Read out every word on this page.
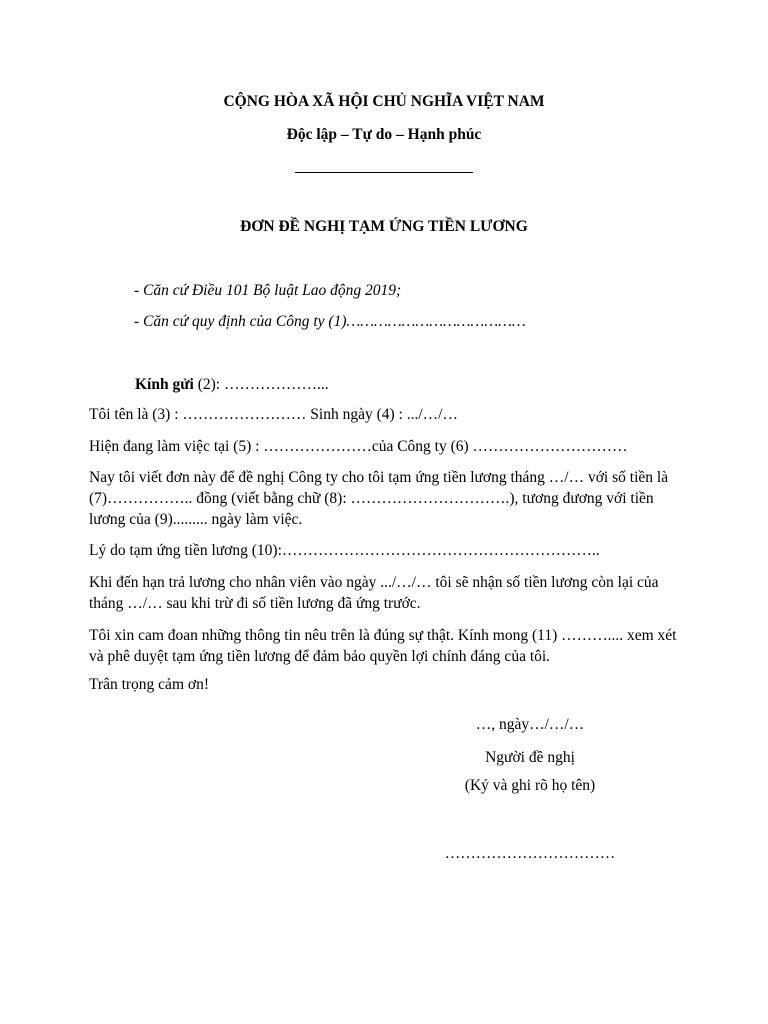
CỘNG HÒA XÃ HỘI CHỦ NGHĨA VIỆT NAM
Độc lập – Tự do – Hạnh phúc
ĐƠN ĐỀ NGHỊ TẠM ỨNG TIỀN LƯƠNG
- Căn cứ Điều 101 Bộ luật Lao động 2019;
- Căn cứ quy định của Công ty (1)…………………………………
Kính gửi (2): ………………...
Tôi tên là (3) : …………………… Sinh ngày (4) : .../…/…
Hiện đang làm việc tại (5) : …………………của Công ty (6) …………………………
Nay tôi viết đơn này để đề nghị Công ty cho tôi tạm ứng tiền lương tháng …/… với số tiền là (7)…………….. đồng (viết bằng chữ (8): ………………………….), tương đương với tiền lương của (9)......... ngày làm việc.
Lý do tạm ứng tiền lương (10):……………………………………………………..
Khi đến hạn trả lương cho nhân viên vào ngày .../…/… tôi sẽ nhận số tiền lương còn lại của tháng …/… sau khi trừ đi số tiền lương đã ứng trước.
Tôi xin cam đoan những thông tin nêu trên là đúng sự thật. Kính mong (11) ……….... xem xét và phê duyệt tạm ứng tiền lương để đảm bảo quyền lợi chính đáng của tôi.
Trân trọng cảm ơn!
…, ngày…/…/…
Người đề nghị
(Ký và ghi rõ họ tên)
……………………………
